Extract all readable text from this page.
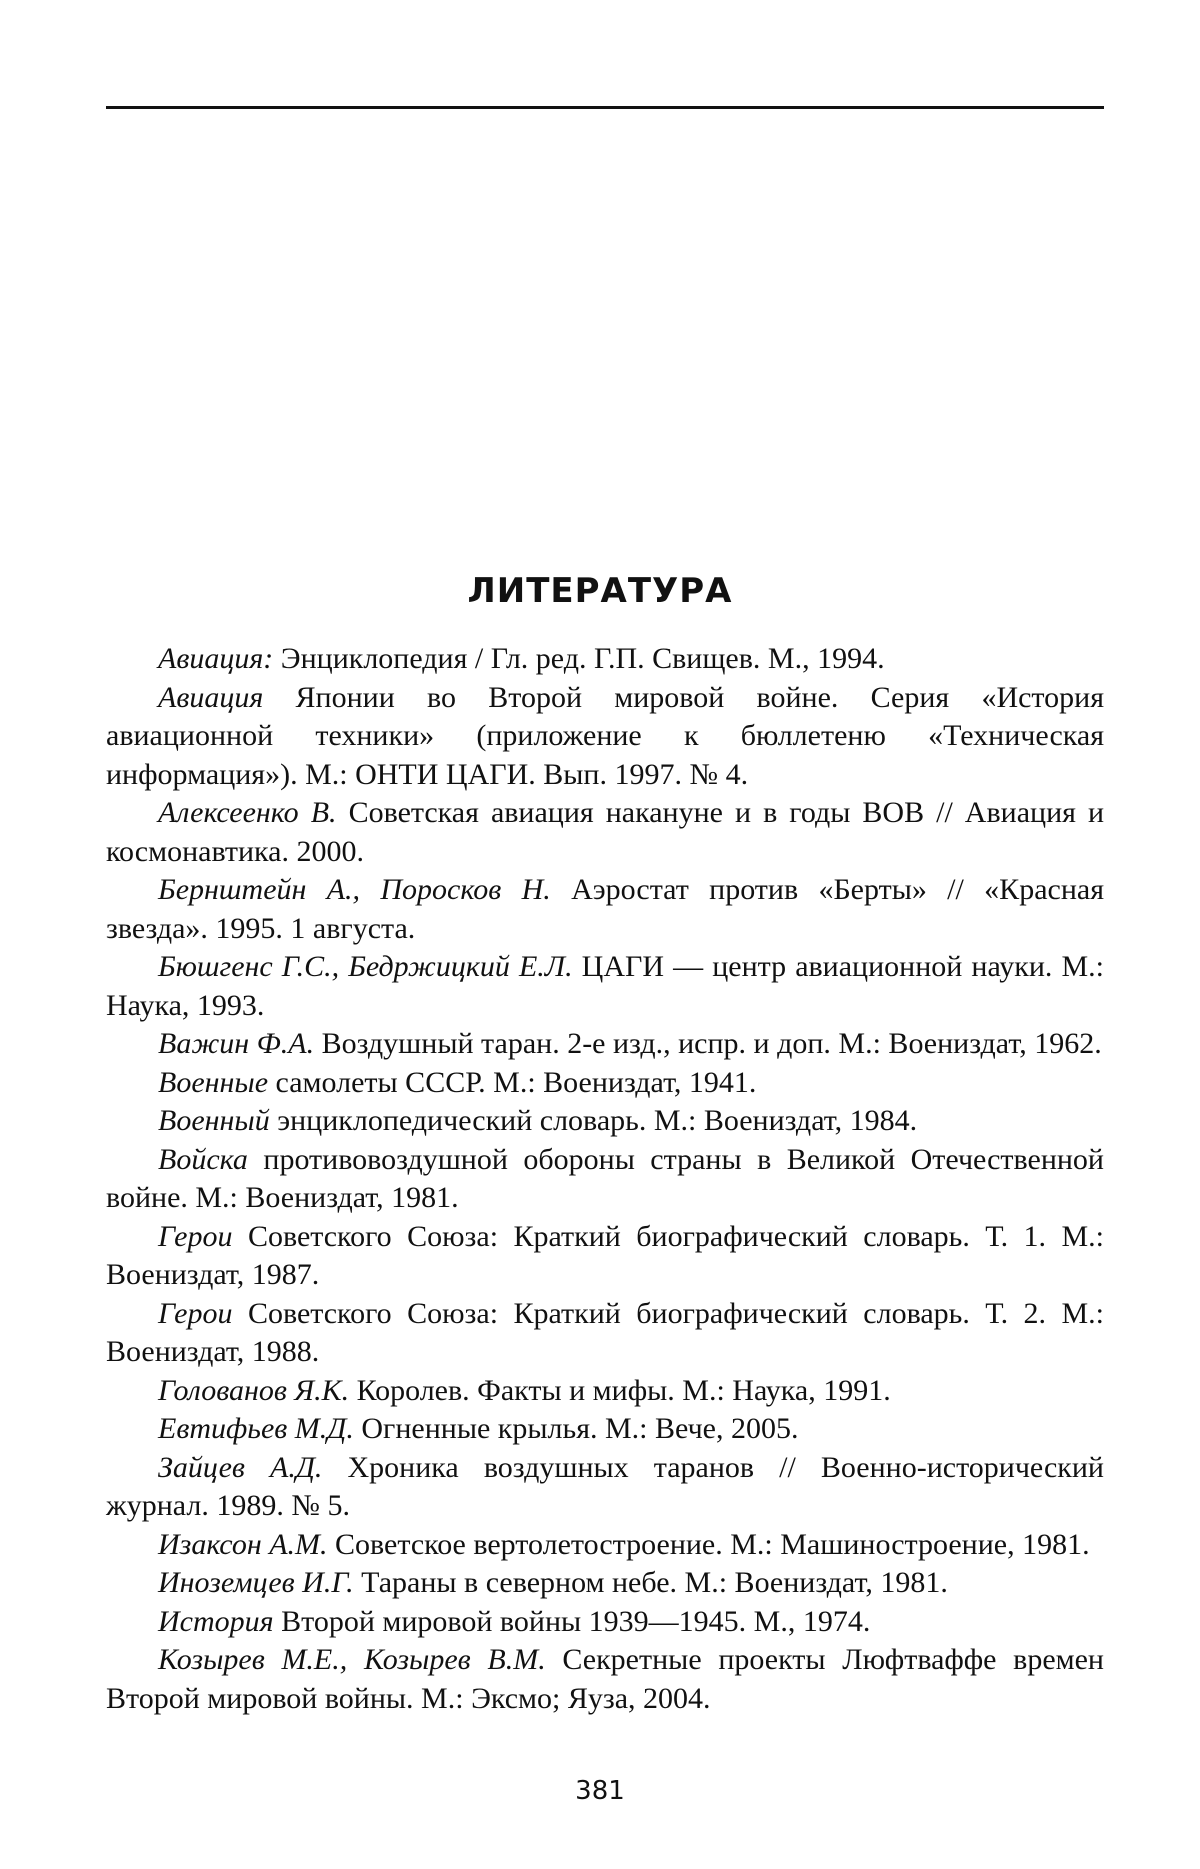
ЛИТЕРАТУРА
Авиация: Энциклопедия / Гл. ред. Г.П. Свищев. М., 1994.
Авиация Японии во Второй мировой войне. Серия «История авиационной техники» (приложение к бюллетеню «Техническая информация»). М.: ОНТИ ЦАГИ. Вып. 1997. № 4.
Алексеенко В. Советская авиация накануне и в годы ВОВ // Авиация и космонавтика. 2000.
Бернштейн А., Поросков Н. Аэростат против «Берты» // «Красная звезда». 1995. 1 августа.
Бюшгенс Г.С., Бедржицкий Е.Л. ЦАГИ — центр авиационной науки. М.: Наука, 1993.
Важин Ф.А. Воздушный таран. 2-е изд., испр. и доп. М.: Воениздат, 1962.
Военные самолеты СССР. М.: Воениздат, 1941.
Военный энциклопедический словарь. М.: Воениздат, 1984.
Войска противовоздушной обороны страны в Великой Отечественной войне. М.: Воениздат, 1981.
Герои Советского Союза: Краткий биографический словарь. Т. 1. М.: Воениздат, 1987.
Герои Советского Союза: Краткий биографический словарь. Т. 2. М.: Воениздат, 1988.
Голованов Я.К. Королев. Факты и мифы. М.: Наука, 1991.
Евтифьев М.Д. Огненные крылья. М.: Вече, 2005.
Зайцев А.Д. Хроника воздушных таранов // Военно-исторический журнал. 1989. № 5.
Изаксон А.М. Советское вертолетостроение. М.: Машиностроение, 1981.
Иноземцев И.Г. Тараны в северном небе. М.: Воениздат, 1981.
История Второй мировой войны 1939—1945. М., 1974.
Козырев М.Е., Козырев В.М. Секретные проекты Люфтваффе времен Второй мировой войны. М.: Эксмо; Яуза, 2004.
381
